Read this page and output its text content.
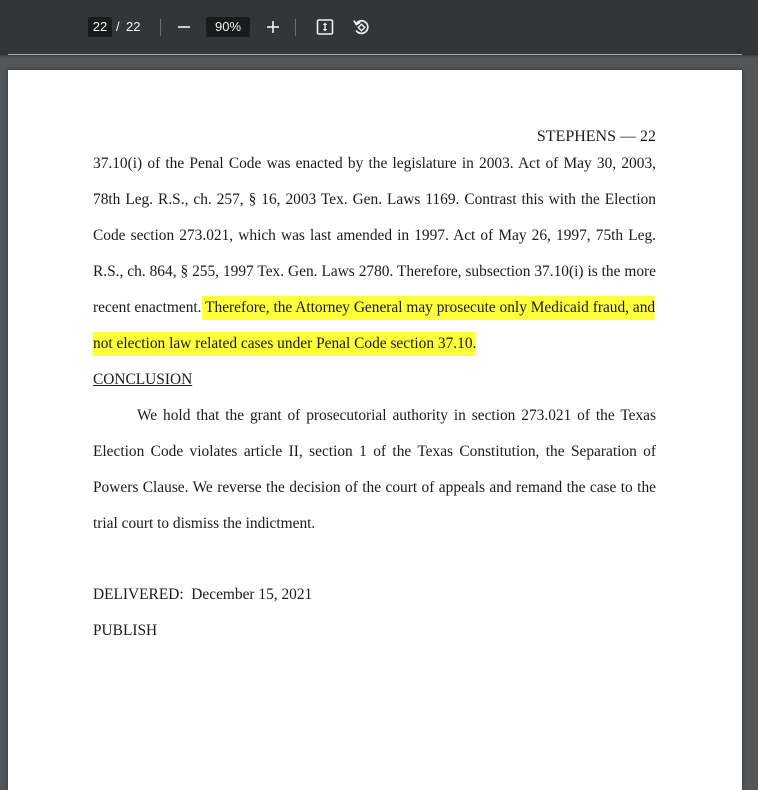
22 / 22	90%
STEPHENS — 22
37.10(i) of the Penal Code was enacted by the legislature in 2003. Act of May 30, 2003,
78th Leg. R.S., ch. 257, § 16, 2003 Tex. Gen. Laws 1169. Contrast this with the Election
Code section 273.021, which was last amended in 1997. Act of May 26, 1997, 75th Leg.
R.S., ch. 864, § 255, 1997 Tex. Gen. Laws 2780. Therefore, subsection 37.10(i) is the more
recent enactment. Therefore, the Attorney General may prosecute only Medicaid fraud, and
not election law related cases under Penal Code section 37.10.
CONCLUSION
We hold that the grant of prosecutorial authority in section 273.021 of the Texas
Election Code violates article II, section 1 of the Texas Constitution, the Separation of
Powers Clause. We reverse the decision of the court of appeals and remand the case to the
trial court to dismiss the indictment.
DELIVERED:  December 15, 2021
PUBLISH
